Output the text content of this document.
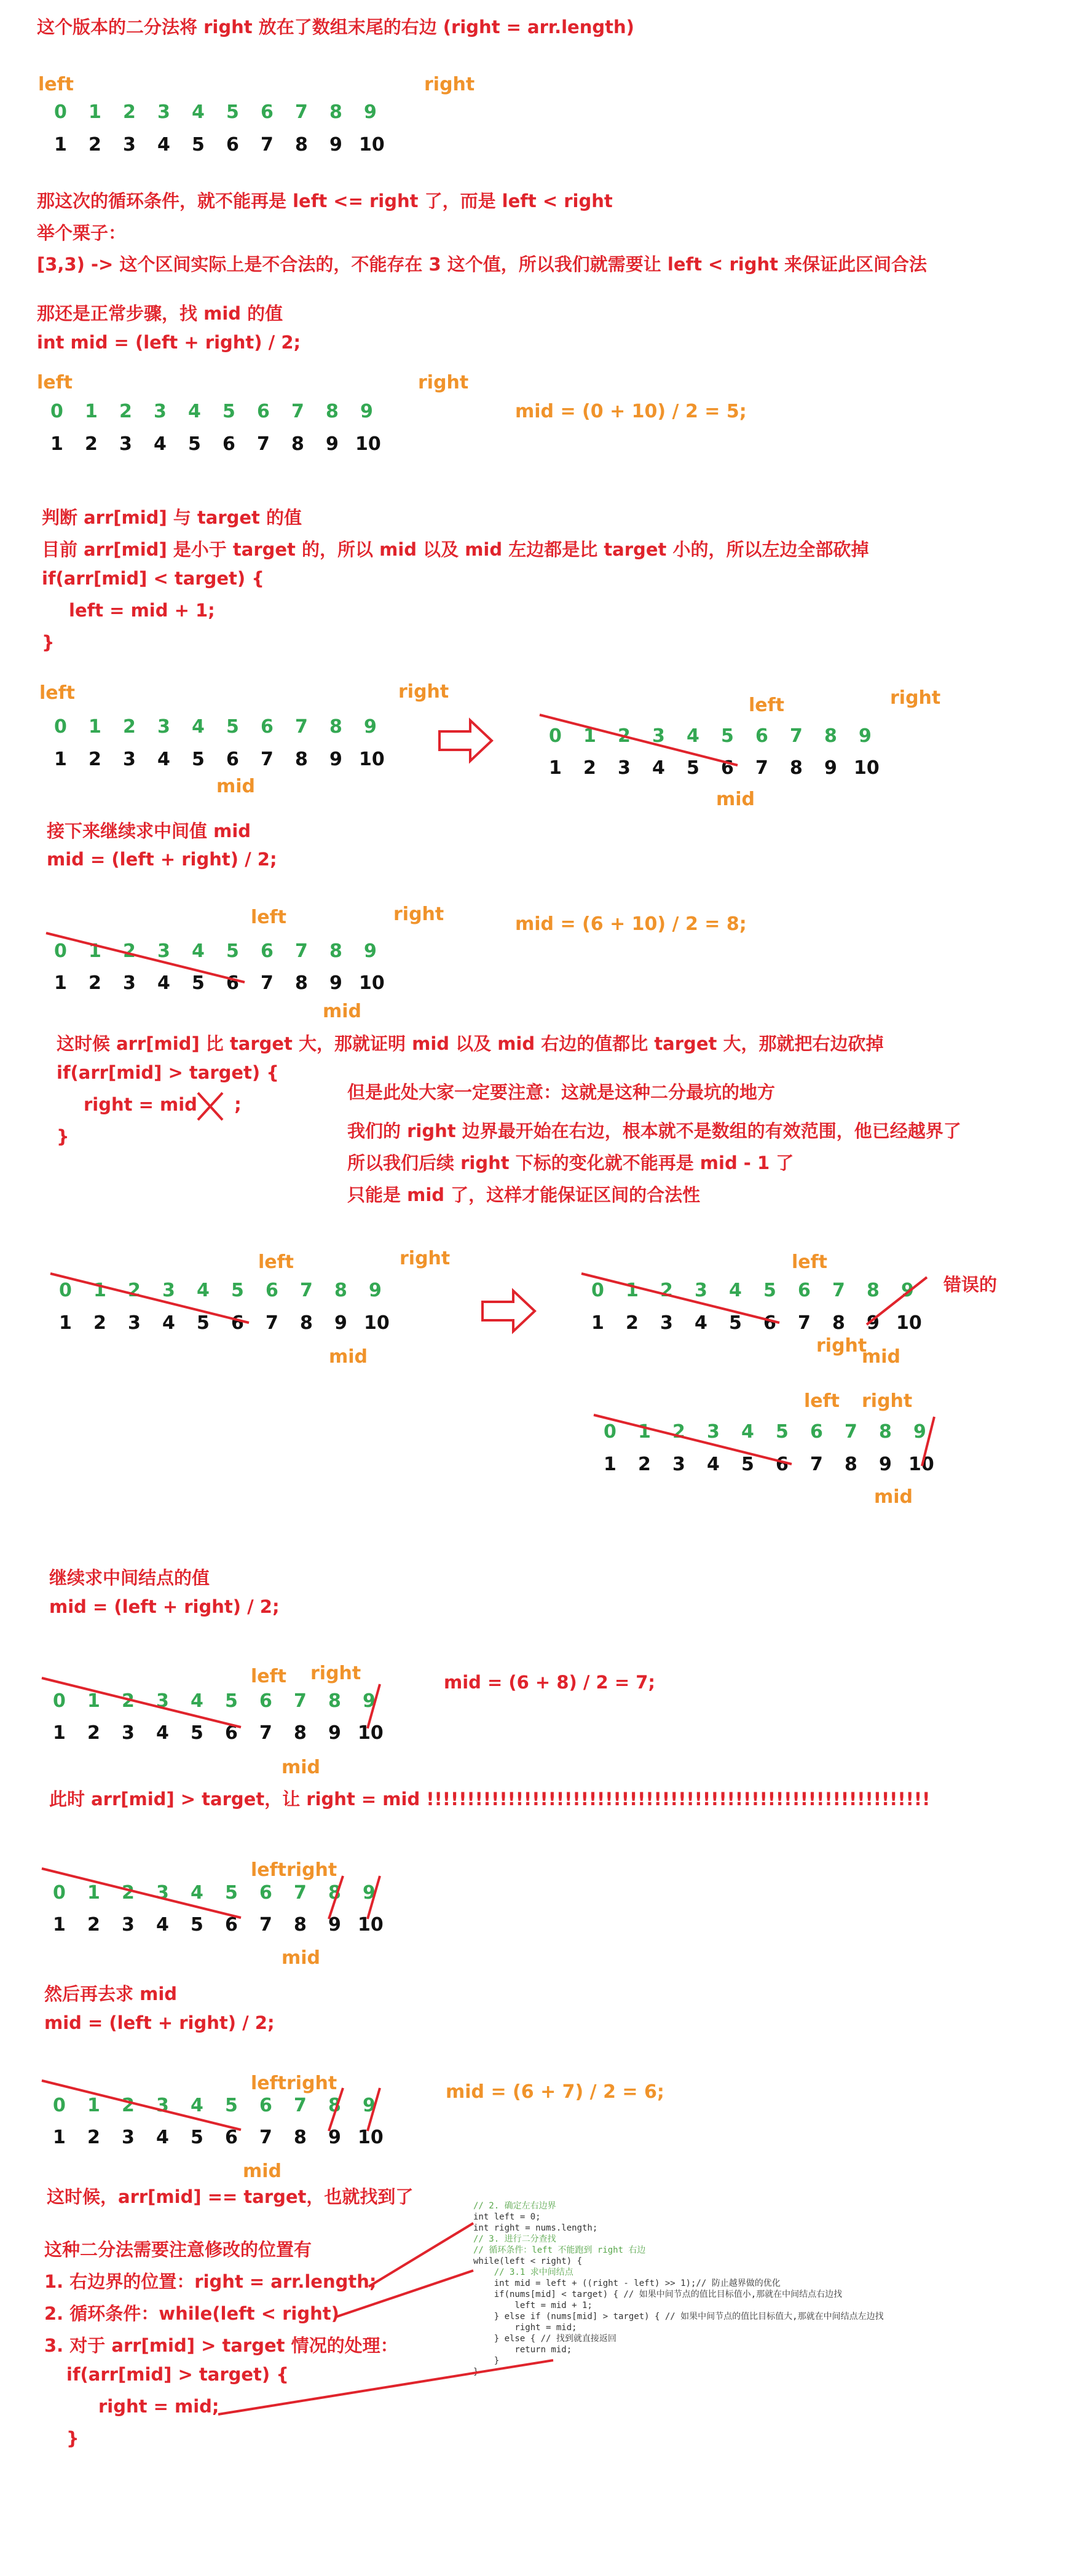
这个版本的二分法将 right 放在了数组末尾的右边 (right = arr.length)
那这次的循环条件，就不能再是 left <= right 了，而是 left < right
举个栗子：
[3,3) -> 这个区间实际上是不合法的，不能存在 3 这个值，所以我们就需要让 left < right 来保证此区间合法
那还是正常步骤，找 mid 的值
int mid = (left + right) / 2;
mid = (0 + 10) / 2 = 5;
判断 arr[mid] 与 target 的值
目前 arr[mid] 是小于 target 的，所以 mid 以及 mid 左边都是比 target 小的，所以左边全部砍掉
if(arr[mid] < target) {
left = mid + 1;
}
接下来继续求中间值 mid
mid = (left + right) / 2;
mid = (6 + 10) / 2 = 8;
这时候 arr[mid] 比 target 大，那就证明 mid 以及 mid 右边的值都比 target 大，那就把右边砍掉
if(arr[mid] > target) {
right = mid ;
}
但是此处大家一定要注意：这就是这种二分最坑的地方
我们的 right 边界最开始在右边，根本就不是数组的有效范围，他已经越界了
所以我们后续 right 下标的变化就不能再是 mid - 1 了
只能是 mid 了，这样才能保证区间的合法性
错误的
继续求中间结点的值
mid = (left + right) / 2;
mid = (6 + 8) / 2 = 7;
此时 arr[mid] > target，让 right = mid !!!!!!!!!!!!!!!!!!!!!!!!!!!!!!!!!!!!!!!!!!!!!!!!!!!!!!!!!!!!!!
然后再去求 mid
mid = (left + right) / 2;
mid = (6 + 7) / 2 = 6;
这时候，arr[mid] == target，也就找到了
这种二分法需要注意修改的位置有
1. 右边界的位置：right = arr.length;
2. 循环条件：while(left < right)
3. 对于 arr[mid] > target 情况的处理：
if(arr[mid] > target) {
right = mid;
}
0 1 2 3 4 5 6 7 8 9
1 2 3 4 5 6 7 8 9 10
left	right
0 1 2 3 4 5 6 7 8 9
1 2 3 4 5 6 7 8 9 10
left	right
0 1 2 3 4 5 6 7 8 9
1 2 3 4 5 6 7 8 9 10
left	right
mid
0 1 2 3 4 5 6 7 8 9
1 2 3 4 5 6 7 8 9 10
left	right
mid
0 1 2 3 4 5 6 7 8 9
1 2 3 4 5 6 7 8 9 10
left	right
mid
0 1 2 3 4 5 6 7 8 9
1 2 3 4 5 6 7 8 9 10
left	right
mid
0 1 2 3 4 5 6 7 8 9
1 2 3 4 5 6 7 8 9 10
left
right
mid
0 1 2 3 4 5 6 7 8 9
1 2 3 4 5 6 7 8 9 10
left right
mid
0 1 2 3 4 5 6 7 8 9
1 2 3 4 5 6 7 8 9 10
left right
mid
0 1 2 3 4 5 6 7 8 9
1 2 3 4 5 6 7 8 9 10
left right
mid
0 1 2 3 4 5 6 7 8 9
1 2 3 4 5 6 7 8 9 10
left right
mid
// 2. 确定左右边界
int left = 0;
int right = nums.length;
// 3. 进行二分查找
// 循环条件：left 不能跑到 right 右边
while(left < right) {
// 3.1 求中间结点
int mid = left + ((right - left) >> 1);// 防止越界做的优化
if(nums[mid] < target) { // 如果中间节点的值比目标值小,那就在中间结点右边找
left = mid + 1;
} else if (nums[mid] > target) { // 如果中间节点的值比目标值大,那就在中间结点左边找
right = mid;
} else { // 找到就直接返回
return mid;
}
}
